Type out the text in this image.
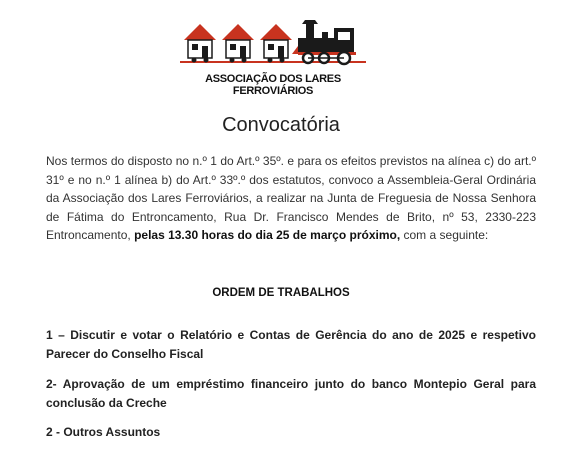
ASSOCIAÇÃO DOS LARES FERROVIÁRIOS
Convocatória
Nos termos do disposto no n.º 1 do Art.º 35º. e para os efeitos previstos na alínea c) do art.º 31º e no n.º 1 alínea b) do Art.º 33º.º dos estatutos, convoco a Assembleia-Geral Ordinária da Associação dos Lares Ferroviários, a realizar na Junta de Freguesia de Nossa Senhora de Fátima do Entroncamento, Rua Dr. Francisco Mendes de Brito, nº 53, 2330-223 Entroncamento, pelas 13.30 horas do dia 25 de março próximo, com a seguinte:
ORDEM DE TRABALHOS
1 – Discutir e votar o Relatório e Contas de Gerência do ano de 2025 e respetivo Parecer do Conselho Fiscal
2- Aprovação de um empréstimo financeiro junto do banco Montepio Geral para conclusão da Creche
2 - Outros Assuntos
